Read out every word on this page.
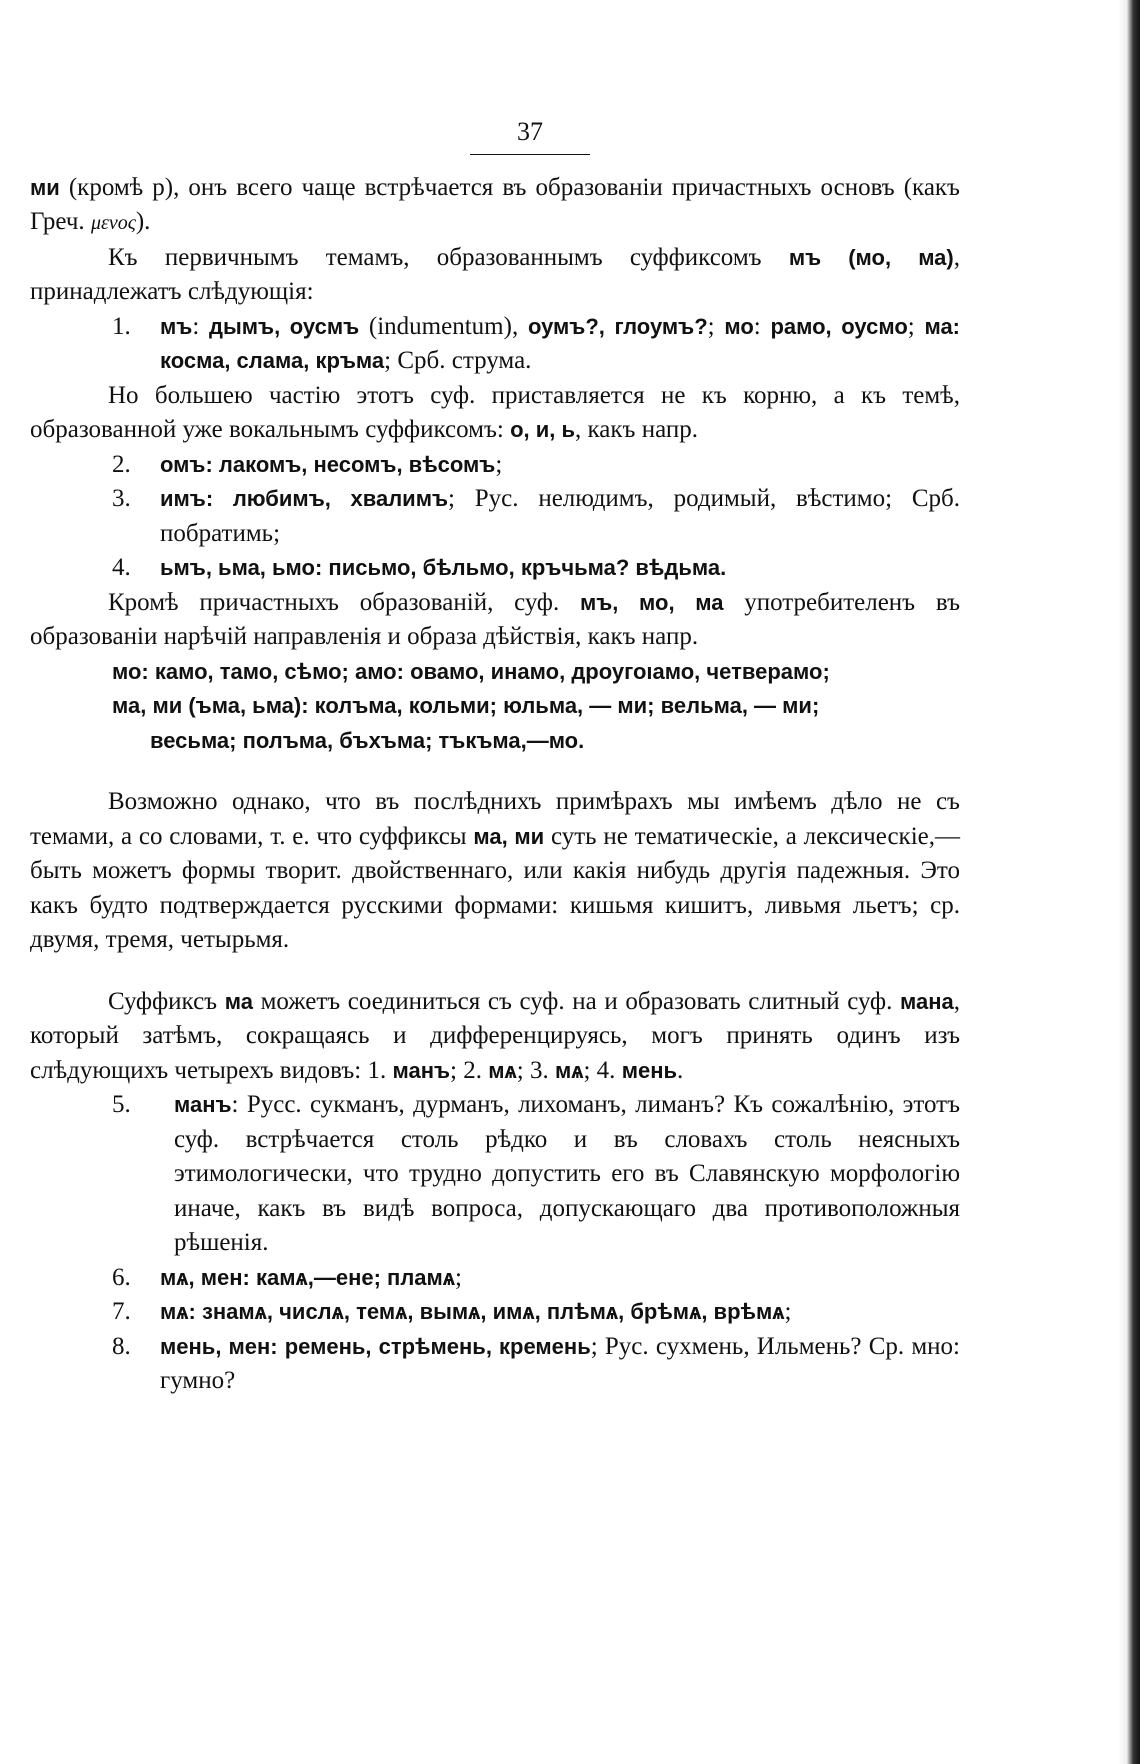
37

ми (кромѣ р), онъ всего чаще встрѣчается въ образованіи причастныхъ основъ (какъ Греч. μενος).

Къ первичнымъ темамъ, образованнымъ суффиксомъ мъ (мо, ма), принадлежатъ слѣдующія:

1. мъ: дымъ, оусмъ (indumentum), оумъ?, глоумъ?; мо: рамо, оусмо; ма: косма, слама, кръма; Срб. струма.

Но большею частію этотъ суф. приставляется не къ корню, а къ темѣ, образованной уже вокальнымъ суффиксомъ: о, и, ь, какъ напр.

2. омъ: лакомъ, несомъ, вѣсомъ;

3. имъ: любимъ, хвалимъ; Рус. нелюдимъ, родимый, вѣстимо; Срб. побратимь;

4. ьмъ, ьма, ьмо: письмо, бѣльмо, кръчьма? вѣдьма.

Кромѣ причастныхъ образованій, суф. мъ, мо, ма употребителенъ въ образованіи нарѣчій направленія и образа дѣйствія, какъ напр.

мо: камо, тамо, сѣмо; амо: овамо, инамо, дроугоıамо, четверамо;

ма, ми (ъма, ьма): колъма, кольми; юльма, — ми; вельма, — ми;

весьма; полъма, бъхъма; тъкъма,—мо.

Возможно однако, что въ послѣднихъ примѣрахъ мы имѣемъ дѣло не съ темами, а со словами, т. е. что суффиксы ма, ми суть не тематическіе, а лексическіе,—быть можетъ формы творит. двойственнаго, или какія нибудь другія падежныя. Это какъ будто подтверждается русскими формами: кишьмя кишитъ, ливьмя льетъ; ср. двумя, тремя, четырьмя.

Суффиксъ ма можетъ соединиться съ суф. на и образовать слитный суф. мана, который затѣмъ, сокращаясь и дифференцируясь, могъ принять одинъ изъ слѣдующихъ четырехъ видовъ: 1. манъ; 2. мѧ; 3. мѧ; 4. мень.

5. манъ: Русс. сукманъ, дурманъ, лихоманъ, лиманъ? Къ сожалѣнію, этотъ суф. встрѣчается столь рѣдко и въ словахъ столь неясныхъ этимологически, что трудно допустить его въ Славянскую морфологію иначе, какъ въ видѣ вопроса, допускающаго два противоположныя рѣшенія.

6. мѧ, мен: камѧ,—ене; пламѧ;

7. мѧ: знамѧ, числѧ, темѧ, вымѧ, имѧ, плѣмѧ, брѣмѧ, врѣмѧ;

8. мень, мен: ремень, стрѣмень, кремень; Рус. сухмень, Ильмень? Ср. мно: гумно?
